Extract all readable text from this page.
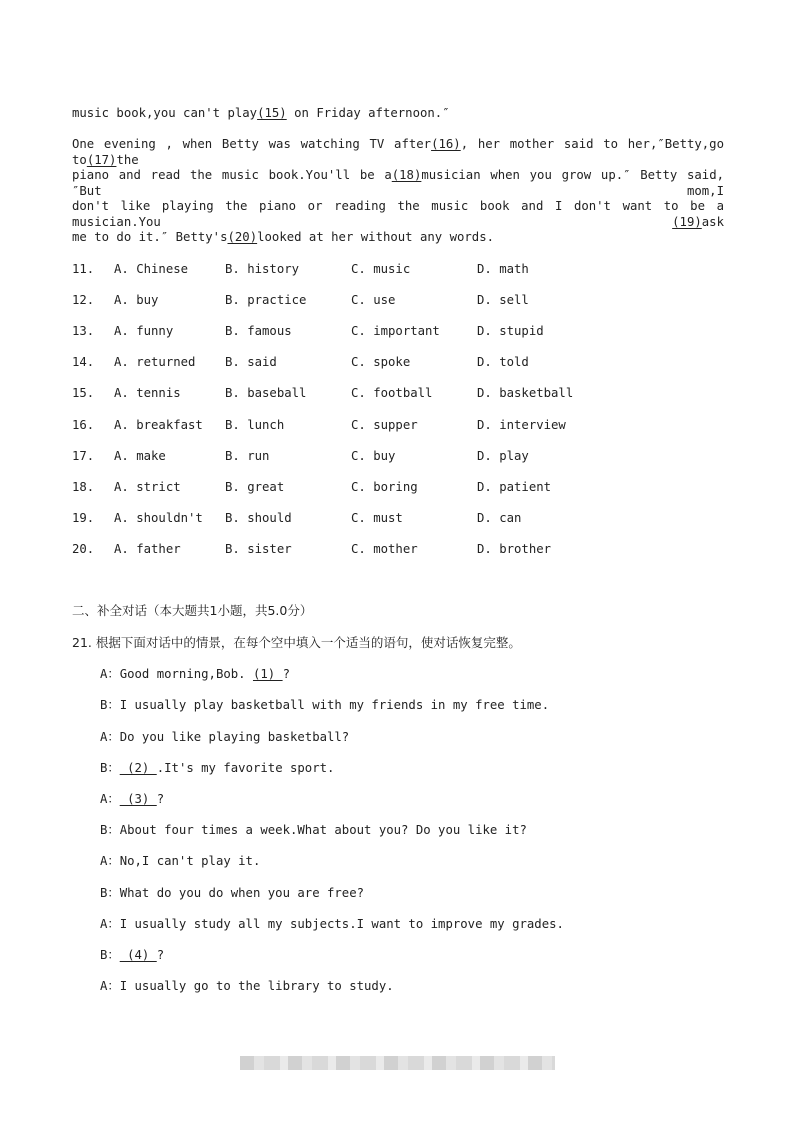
music book,you can't play(15) on Friday afternoon.″
One evening , when Betty was watching TV after(16), her mother said to her,″Betty,go to(17)the
piano and read the music book.You'll be a(18)musician when you grow up.″ Betty said, ″But mom,I
don't like playing the piano or reading the music book and I don't want to be a musician.You (19)ask
me to do it.″ Betty's(20)looked at her without any words.
11. A. Chinese	B. history	C. music	D. math
12. A. buy	B. practice	C. use	D. sell
13. A. funny	B. famous	C. important	D. stupid
14. A. returned B. said	C. spoke	D. told
15. A. tennis	B. baseball	C. football	D. basketball
16. A. breakfast B. lunch	C. supper	D. interview
17. A. make	B. run	C. buy	D. play
18. A. strict	B. great	C. boring	D. patient
19. A. shouldn't B. should	C. must	D. can
20. A. father	B. sister	C. mother	D. brother
二、补全对话（本大题共1小题，共5.0分）
21. 根据下面对话中的情景，在每个空中填入一个适当的语句，使对话恢复完整。
A：Good morning,Bob. (1) ?
B：I usually play basketball with my friends in my free time.
A：Do you like playing basketball?
B： (2) .It's my favorite sport.
A： (3) ?
B：About four times a week.What about you? Do you like it?
A：No,I can't play it.
B：What do you do when you are free?
A：I usually study all my subjects.I want to improve my grades.
B： (4) ?
A：I usually go to the library to study.
